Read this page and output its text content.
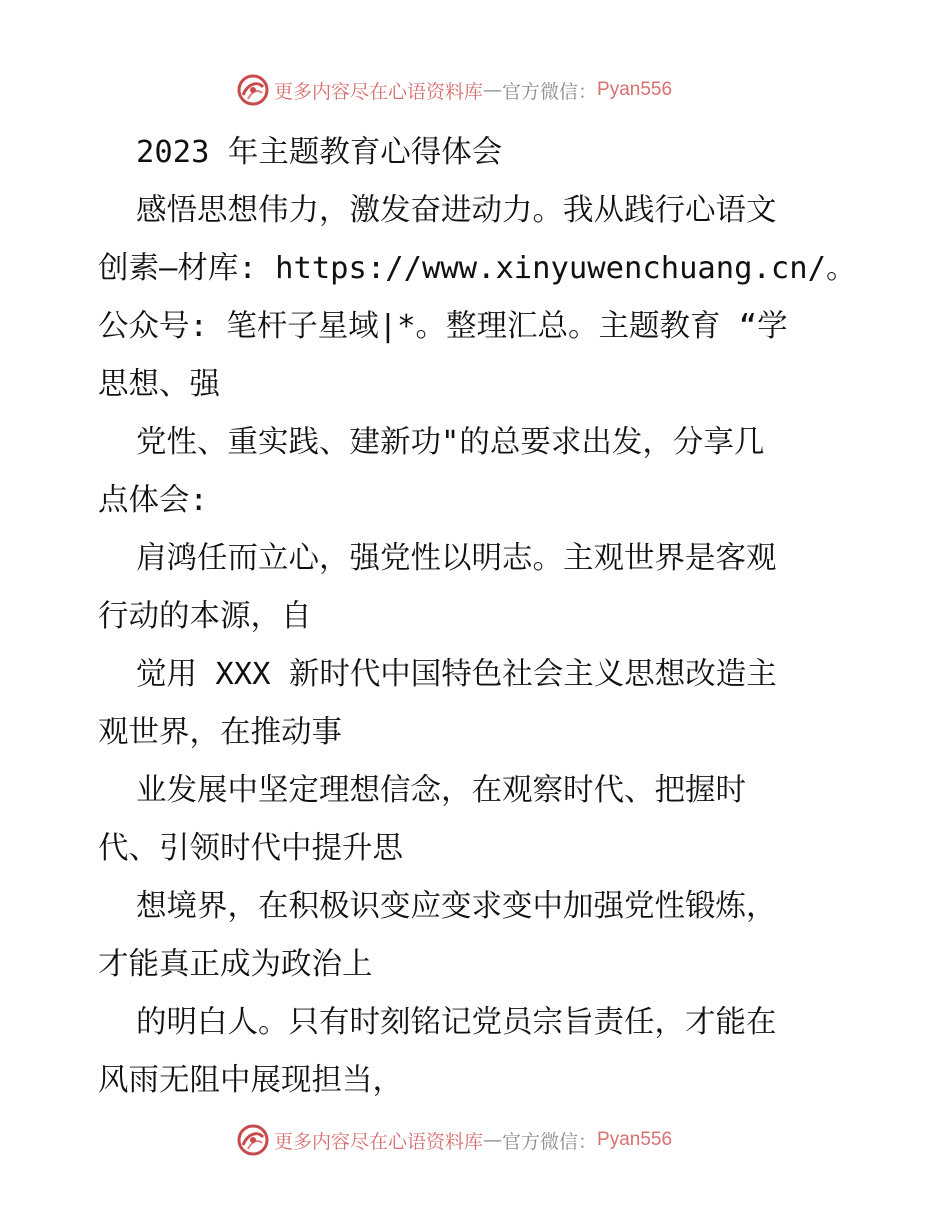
更多内容尽在心语资料库 — 官方微信： Pyan556
2023 年主题教育心得体会
感悟思想伟力，激发奋进动力。我从践行心语文
创素—材库: https://www.xinyuwenchuang.cn/。
公众号: 笔杆子星域|*。整理汇总。主题教育 “学
思想、强
党性、重实践、建新功"的总要求出发，分享几
点体会:
肩鸿任而立心，强党性以明志。主观世界是客观
行动的本源，自
觉用 XXX 新时代中国特色社会主义思想改造主
观世界，在推动事
业发展中坚定理想信念，在观察时代、把握时
代、引领时代中提升思
想境界，在积极识变应变求变中加强党性锻炼，
才能真正成为政治上
的明白人。只有时刻铭记党员宗旨责任，才能在
风雨无阻中展现担当，
更多内容尽在心语资料库 — 官方微信： Pyan556
